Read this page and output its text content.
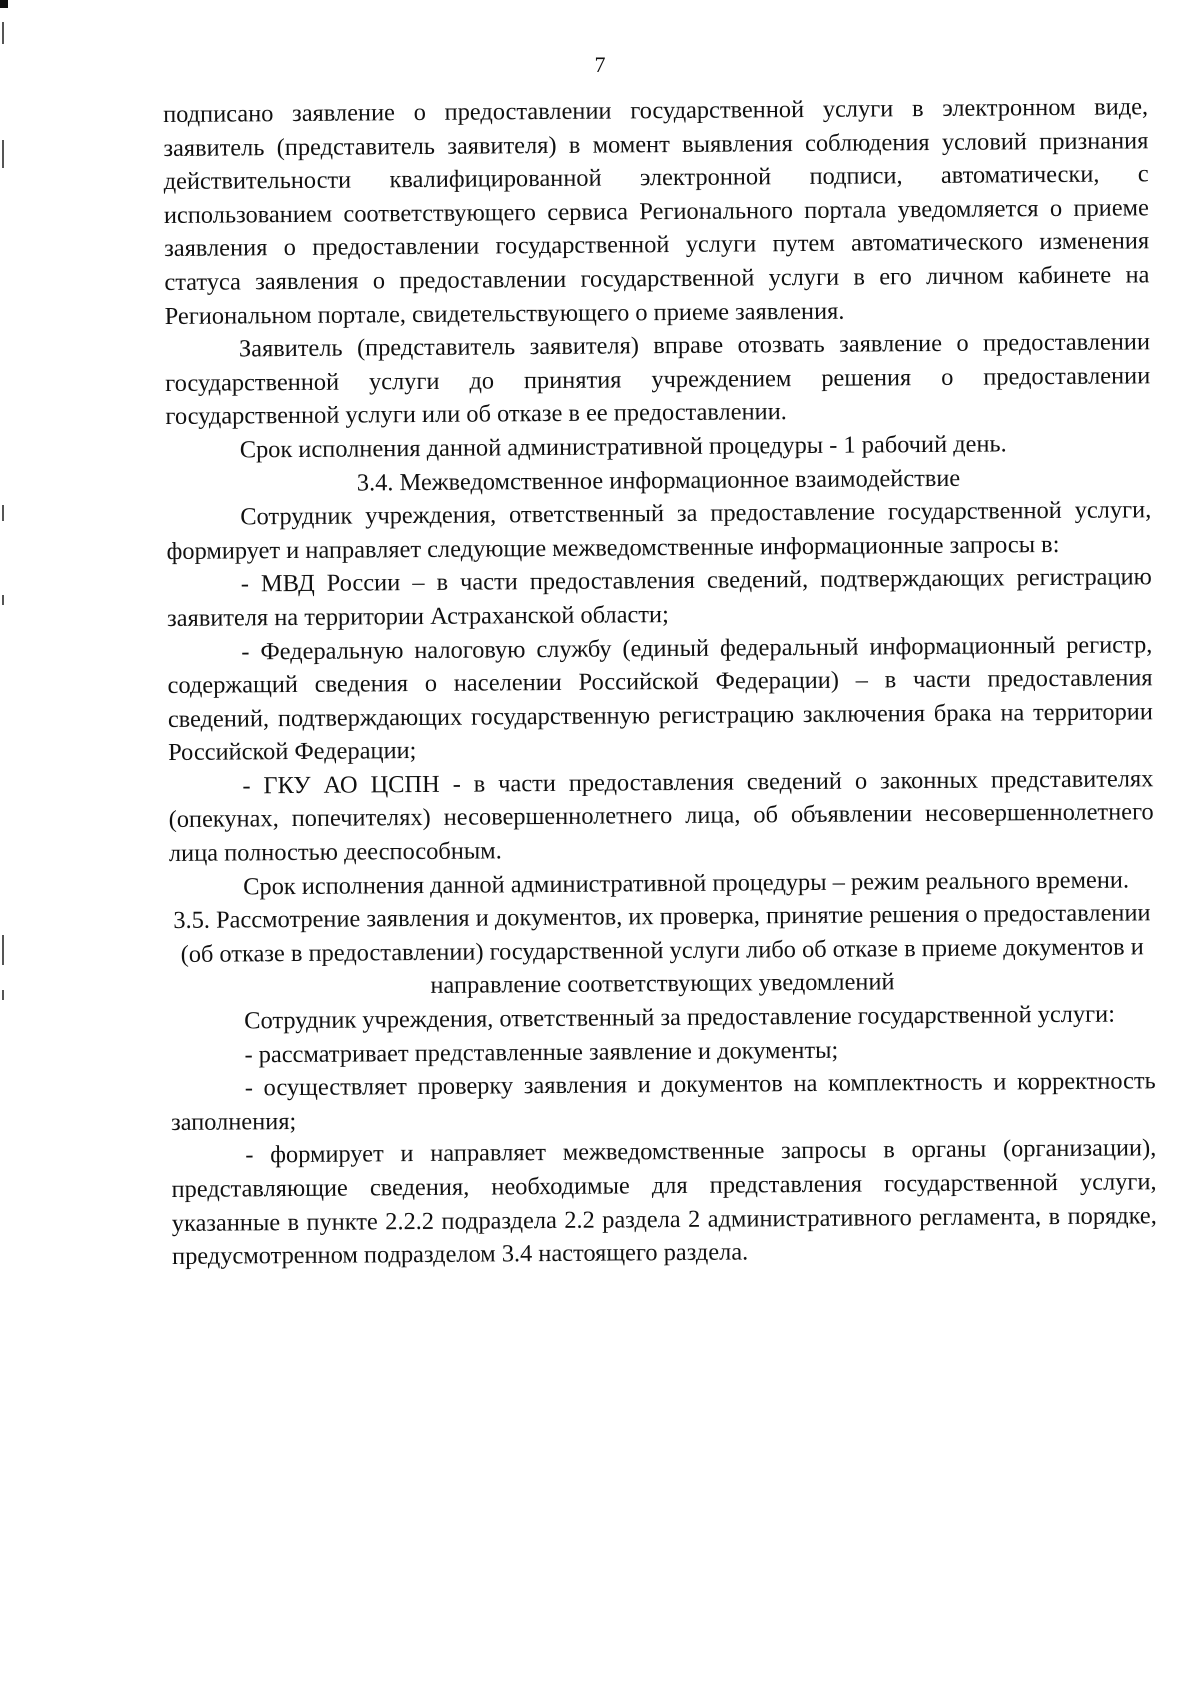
7

подписано заявление о предоставлении государственной услуги в электронном виде, заявитель (представитель заявителя) в момент выявления соблюдения условий признания действительности квалифицированной электронной подписи, автоматически, с использованием соответствующего сервиса Регионального портала уведомляется о приеме заявления о предоставлении государственной услуги путем автоматического изменения статуса заявления о предоставлении государственной услуги в его личном кабинете на Региональном портале, свидетельствующего о приеме заявления.

Заявитель (представитель заявителя) вправе отозвать заявление о предоставлении государственной услуги до принятия учреждением решения о предоставлении государственной услуги или об отказе в ее предоставлении.

Срок исполнения данной административной процедуры - 1 рабочий день.

3.4. Межведомственное информационное взаимодействие

Сотрудник учреждения, ответственный за предоставление государственной услуги, формирует и направляет следующие межведомственные информационные запросы в:

- МВД России – в части предоставления сведений, подтверждающих регистрацию заявителя на территории Астраханской области;

- Федеральную налоговую службу (единый федеральный информационный регистр, содержащий сведения о населении Российской Федерации) – в части предоставления сведений, подтверждающих государственную регистрацию заключения брака на территории Российской Федерации;

- ГКУ АО ЦСПН - в части предоставления сведений о законных представителях (опекунах, попечителях) несовершеннолетнего лица, об объявлении несовершеннолетнего лица полностью дееспособным.

Срок исполнения данной административной процедуры – режим реального времени.

3.5. Рассмотрение заявления и документов, их проверка, принятие решения о предоставлении (об отказе в предоставлении) государственной услуги либо об отказе в приеме документов и направление соответствующих уведомлений

Сотрудник учреждения, ответственный за предоставление государственной услуги:

- рассматривает представленные заявление и документы;

- осуществляет проверку заявления и документов на комплектность и корректность заполнения;

- формирует и направляет межведомственные запросы в органы (организации), представляющие сведения, необходимые для представления государственной услуги, указанные в пункте 2.2.2 подраздела 2.2 раздела 2 административного регламента, в порядке, предусмотренном подразделом 3.4 настоящего раздела.
